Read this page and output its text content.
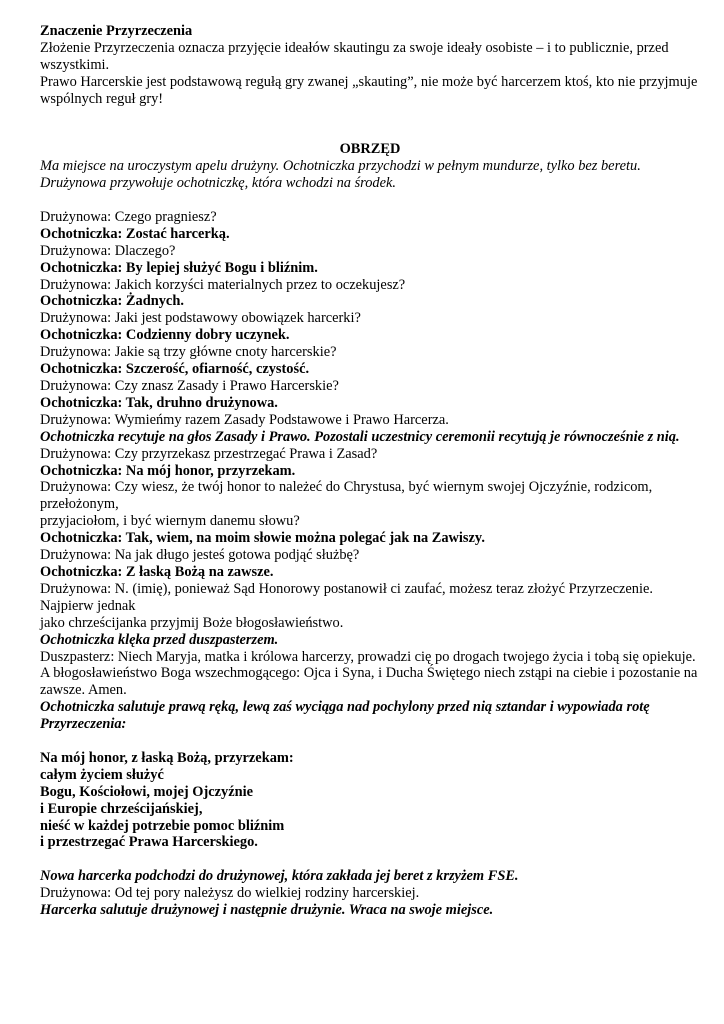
Znaczenie Przyrzeczenia

Złożenie Przyrzeczenia oznacza przyjęcie ideałów skautingu za swoje ideały osobiste – i to publicznie, przed wszystkimi.

Prawo Harcerskie jest podstawową regułą gry zwanej „skauting”, nie może być harcerzem ktoś, kto nie przyjmuje wspólnych reguł gry!

OBRZĘD

Ma miejsce na uroczystym apelu drużyny. Ochotniczka przychodzi w pełnym mundurze, tylko bez beretu. Drużynowa przywołuje ochotniczkę, która wchodzi na środek.

Drużynowa: Czego pragniesz?

Ochotniczka: Zostać harcerką.

Drużynowa: Dlaczego?

Ochotniczka: By lepiej służyć Bogu i bliźnim.

Drużynowa: Jakich korzyści materialnych przez to oczekujesz?

Ochotniczka: Żadnych.

Drużynowa: Jaki jest podstawowy obowiązek harcerki?

Ochotniczka: Codzienny dobry uczynek.

Drużynowa: Jakie są trzy główne cnoty harcerskie?

Ochotniczka: Szczerość, ofiarność, czystość.

Drużynowa: Czy znasz Zasady i Prawo Harcerskie?

Ochotniczka: Tak, druhno drużynowa.

Drużynowa: Wymieńmy razem Zasady Podstawowe i Prawo Harcerza.

Ochotniczka recytuje na głos Zasady i Prawo. Pozostali uczestnicy ceremonii recytują je równocześnie z nią.

Drużynowa: Czy przyrzekasz przestrzegać Prawa i Zasad?

Ochotniczka: Na mój honor, przyrzekam.

Drużynowa: Czy wiesz, że twój honor to należeć do Chrystusa, być wiernym swojej Ojczyźnie, rodzicom, przełożonym,

przyjaciołom, i być wiernym danemu słowu?

Ochotniczka: Tak, wiem, na moim słowie można polegać jak na Zawiszy.

Drużynowa: Na jak długo jesteś gotowa podjąć służbę?

Ochotniczka: Z łaską Bożą na zawsze.

Drużynowa: N. (imię), ponieważ Sąd Honorowy postanowił ci zaufać, możesz teraz złożyć Przyrzeczenie. Najpierw jednak

jako chrześcijanka przyjmij Boże błogosławieństwo.

Ochotniczka klęka przed duszpasterzem.

Duszpasterz: Niech Maryja, matka i królowa harcerzy, prowadzi cię po drogach twojego życia i tobą się opiekuje.

A błogosławieństwo Boga wszechmogącego: Ojca i Syna, i Ducha Świętego niech zstąpi na ciebie i pozostanie na zawsze. Amen.

Ochotniczka salutuje prawą ręką, lewą zaś wyciąga nad pochylony przed nią sztandar i wypowiada rotę Przyrzeczenia:

Na mój honor, z łaską Bożą, przyrzekam:

całym życiem służyć

Bogu, Kościołowi, mojej Ojczyźnie

i Europie chrześcijańskiej,

nieść w każdej potrzebie pomoc bliźnim

i przestrzegać Prawa Harcerskiego.

Nowa harcerka podchodzi do drużynowej, która zakłada jej beret z krzyżem FSE.

Drużynowa: Od tej pory należysz do wielkiej rodziny harcerskiej.

Harcerka salutuje drużynowej i następnie drużynie. Wraca na swoje miejsce.
